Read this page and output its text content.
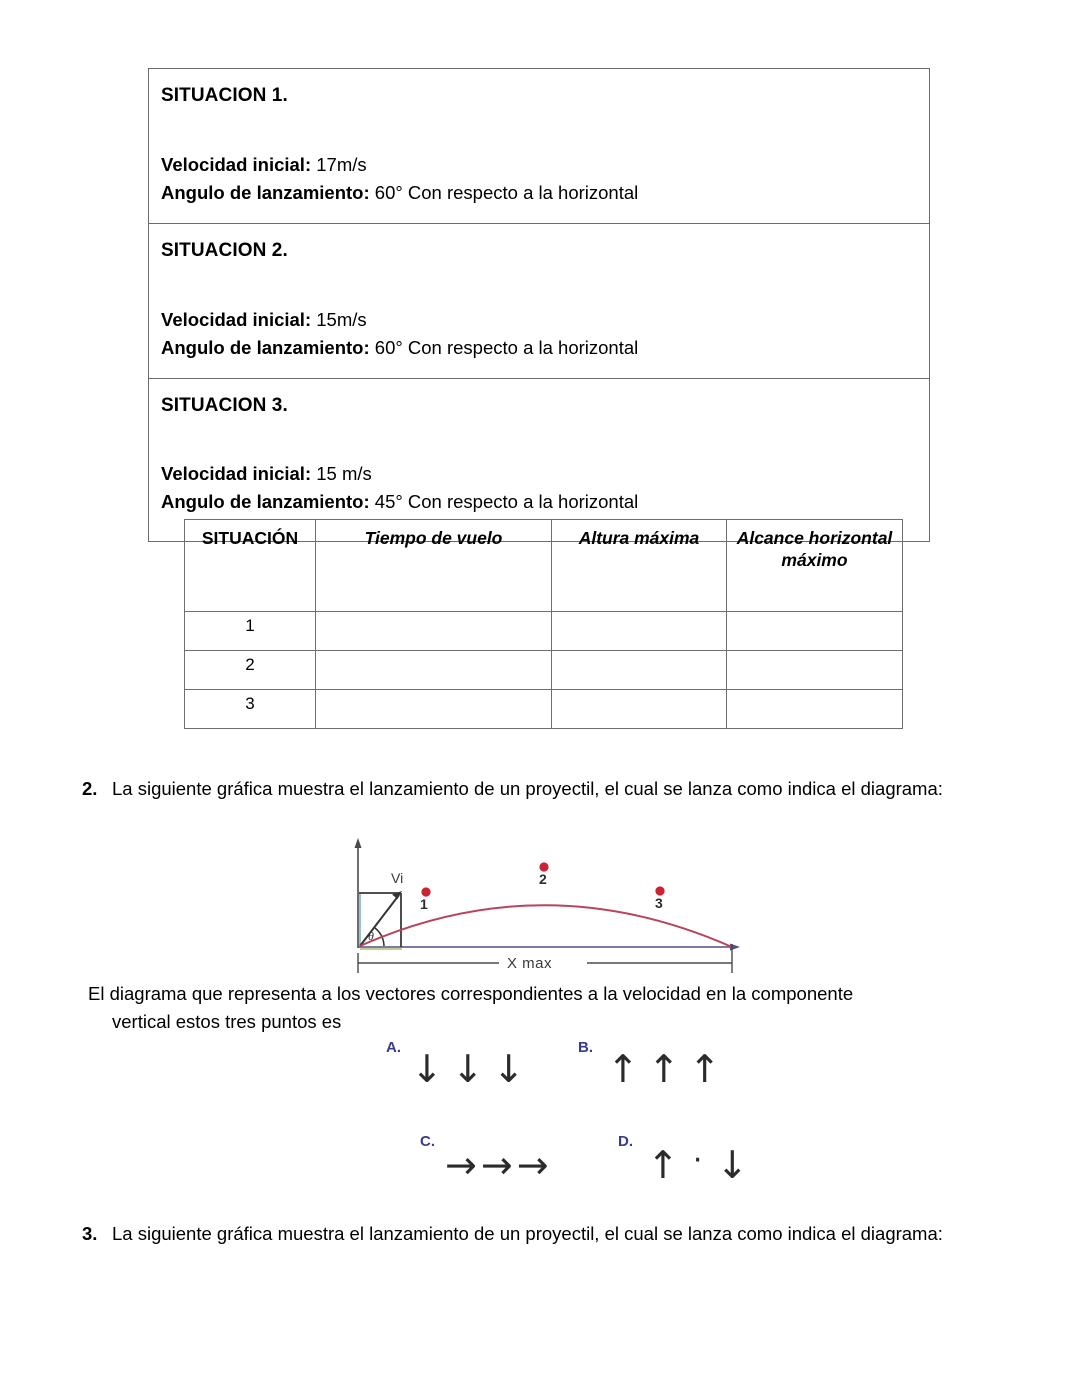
SITUACION 1.
Velocidad inicial: 17m/s
Angulo de lanzamiento: 60° Con respecto a la horizontal
SITUACION 2.
Velocidad inicial: 15m/s
Angulo de lanzamiento: 60° Con respecto a la horizontal
SITUACION 3.
Velocidad inicial: 15 m/s
Angulo de lanzamiento: 45° Con respecto a la horizontal
SITUACIÓN	Tiempo de vuelo	Altura máxima	Alcance horizontal máximo
1			
2			
3			
2. La siguiente gráfica muestra el lanzamiento de un proyectil, el cual se lanza como indica el diagrama:
Vi
θ
1
2
3
X max
El diagrama que representa a los vectores correspondientes a la velocidad en la componente
vertical estos tres puntos es
A. ↓ ↓ ↓	B. ↑ ↑ ↑
C.
→ → →
D.
↑ · ↓
3. La siguiente gráfica muestra el lanzamiento de un proyectil, el cual se lanza como indica el diagrama:
